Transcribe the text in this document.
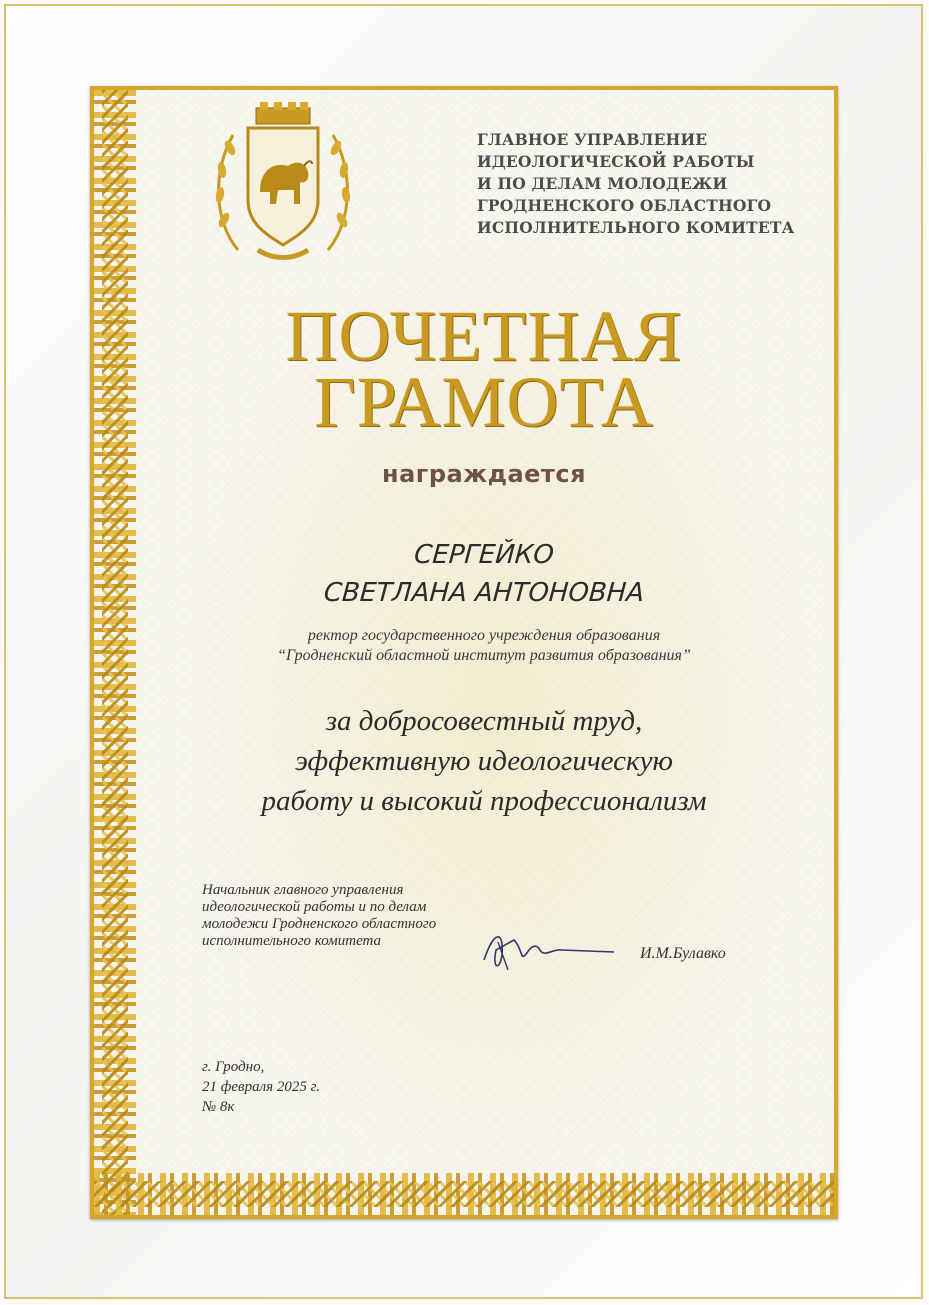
ГЛАВНОЕ УПРАВЛЕНИЕ
ИДЕОЛОГИЧЕСКОЙ РАБОТЫ
И ПО ДЕЛАМ МОЛОДЕЖИ
ГРОДНЕНСКОГО ОБЛАСТНОГО
ИСПОЛНИТЕЛЬНОГО КОМИТЕТА
ПОЧЕТНАЯ
ГРАМОТА
награждается
СЕРГЕЙКО
СВЕТЛАНА АНТОНОВНА
ректор государственного учреждения образования
“Гродненский областной институт развития образования”
за добросовестный труд,
эффективную идеологическую
работу и высокий профессионализм
Начальник главного управления
идеологической работы и по делам
молодежи Гродненского областного
исполнительного комитета
И.М.Булавко
г. Гродно,
21 февраля 2025 г.
№ 8к
